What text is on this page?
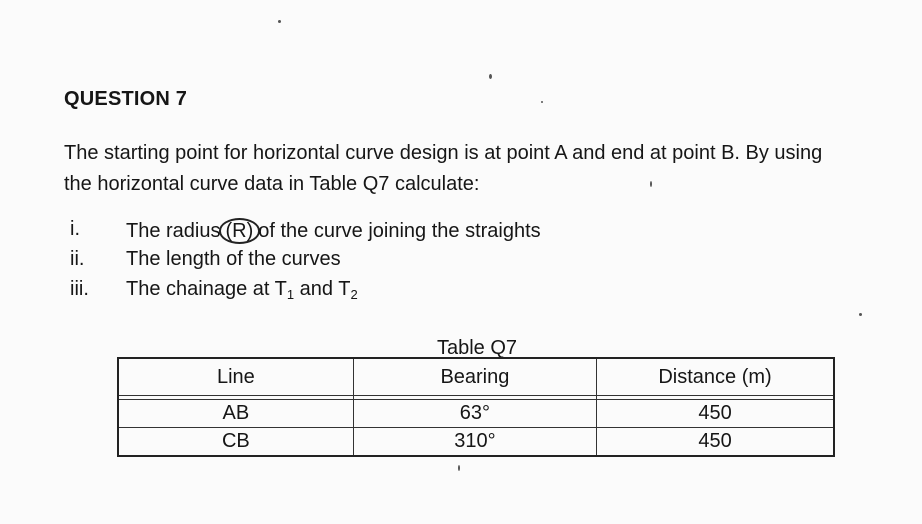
QUESTION 7
The starting point for horizontal curve design is at point A and end at point B. By using
the horizontal curve data in Table Q7 calculate:
i.	The radius (R) of the curve joining the straights
ii.	The length of the curves
iii.	The chainage at $T_1$ and $T_2$
Table Q7
Line	Bearing	Distance (m)

AB	63°	450
CB	310°	450
